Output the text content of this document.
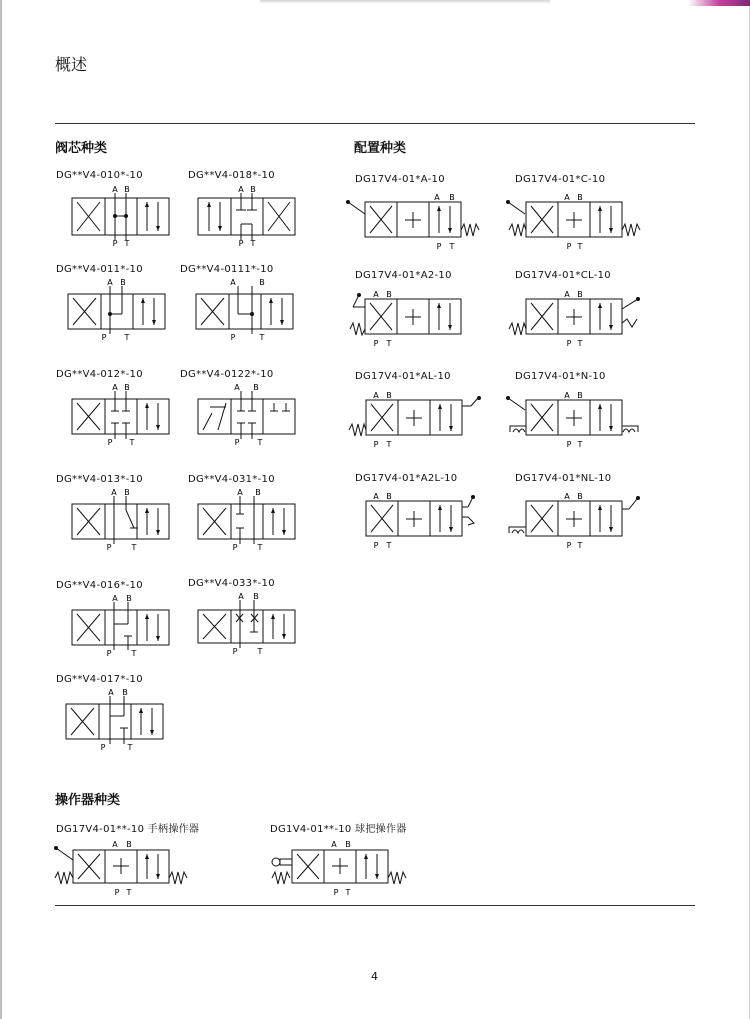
概述
阀芯种类	配置种类
DG**V4-010*-10	DG**V4-018*-10
DG**V4-011*-10	DG**V4-0111*-10
DG**V4-012*-10	DG**V4-0122*-10
DG**V4-013*-10	DG**V4-031*-10
DG**V4-016*-10	DG**V4-033*-10
DG**V4-017*-10
A B
P T
A B
P T
A B
P T
A	B
P	T
A B
P T
A B
P T
A B
P	T
A B
P	T
A B
P	T
A B
P	T
A B
P	T
DG17V4-01*A-10	DG17V4-01*C-10
DG17V4-01*A2-10	DG17V4-01*CL-10
DG17V4-01*AL-10	DG17V4-01*N-10
DG17V4-01*A2L-10	DG17V4-01*NL-10
A B
P T
A B
P T
A B
P T
A B
P T
A B
P T
A B
P T
A B
P T
A B
P T
操作器种类
DG17V4-01**-10 手柄操作器	DG1V4-01**-10 球把操作器
A B
P T
A B
P T
4
